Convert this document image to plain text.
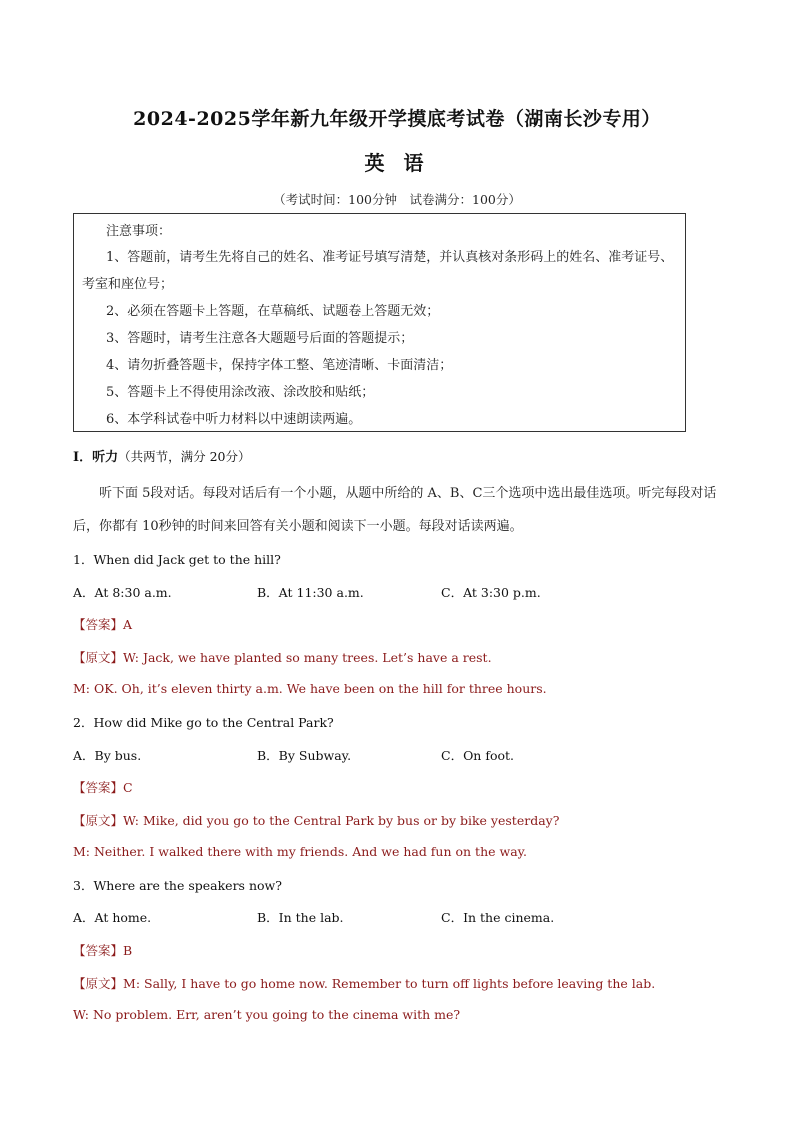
2024-2025学年新九年级开学摸底考试卷（湖南长沙专用）
英 语
（考试时间：100分钟　试卷满分：100分）
注意事项：
1、答题前，请考生先将自己的姓名、准考证号填写清楚，并认真核对条形码上的姓名、准考证号、考室和座位号；
2、必须在答题卡上答题，在草稿纸、试题卷上答题无效；
3、答题时，请考生注意各大题题号后面的答题提示；
4、请勿折叠答题卡，保持字体工整、笔迹清晰、卡面清洁；
5、答题卡上不得使用涂改液、涂改胶和贴纸；
6、本学科试卷中听力材料以中速朗读两遍。
I．听力（共两节，满分 20分）
听下面 5段对话。每段对话后有一个小题，从题中所给的 A、B、C三个选项中选出最佳选项。听完每段对话后，你都有 10秒钟的时间来回答有关小题和阅读下一小题。每段对话读两遍。
1．When did Jack get to the hill?
A．At 8:30 a.m.	B．At 11:30 a.m.	C．At 3:30 p.m.
【答案】A
【原文】W: Jack, we have planted so many trees. Let’s have a rest.
M: OK. Oh, it’s eleven thirty a.m. We have been on the hill for three hours.
2．How did Mike go to the Central Park?
A．By bus.	B．By Subway.	C．On foot.
【答案】C
【原文】W: Mike, did you go to the Central Park by bus or by bike yesterday?
M: Neither. I walked there with my friends. And we had fun on the way.
3．Where are the speakers now?
A．At home.	B．In the lab.	C．In the cinema.
【答案】B
【原文】M: Sally, I have to go home now. Remember to turn off lights before leaving the lab.
W: No problem. Err, aren’t you going to the cinema with me?
